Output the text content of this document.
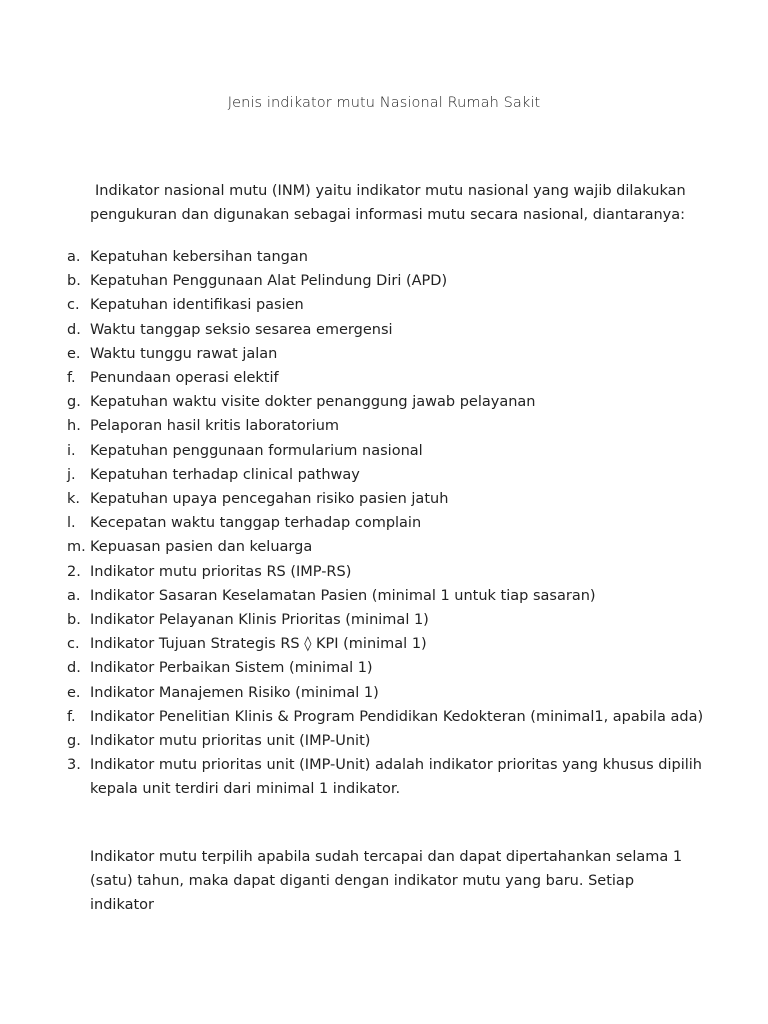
Jenis indikator mutu Nasional Rumah Sakit
Indikator nasional mutu (INM) yaitu indikator mutu nasional yang wajib dilakukan pengukuran dan digunakan sebagai informasi mutu secara nasional, diantaranya:
a. Kepatuhan kebersihan tangan
b. Kepatuhan Penggunaan Alat Pelindung Diri (APD)
c. Kepatuhan identifikasi pasien
d. Waktu tanggap seksio sesarea emergensi
e. Waktu tunggu rawat jalan
f. Penundaan operasi elektif
g. Kepatuhan waktu visite dokter penanggung jawab pelayanan
h. Pelaporan hasil kritis laboratorium
i. Kepatuhan penggunaan formularium nasional
j. Kepatuhan terhadap clinical pathway
k. Kepatuhan upaya pencegahan risiko pasien jatuh
l. Kecepatan waktu tanggap terhadap complain
m. Kepuasan pasien dan keluarga
2. Indikator mutu prioritas RS (IMP-RS)
a. Indikator Sasaran Keselamatan Pasien (minimal 1 untuk tiap sasaran)
b. Indikator Pelayanan Klinis Prioritas (minimal 1)
c. Indikator Tujuan Strategis RS ◊ KPI (minimal 1)
d. Indikator Perbaikan Sistem (minimal 1)
e. Indikator Manajemen Risiko (minimal 1)
f. Indikator Penelitian Klinis & Program Pendidikan Kedokteran (minimal1, apabila ada)
g. Indikator mutu prioritas unit (IMP-Unit)
3. Indikator mutu prioritas unit (IMP-Unit) adalah indikator prioritas yang khusus dipilih kepala unit terdiri dari minimal 1 indikator.
Indikator mutu terpilih apabila sudah tercapai dan dapat dipertahankan selama 1 (satu) tahun, maka dapat diganti dengan indikator mutu yang baru. Setiap indikator
